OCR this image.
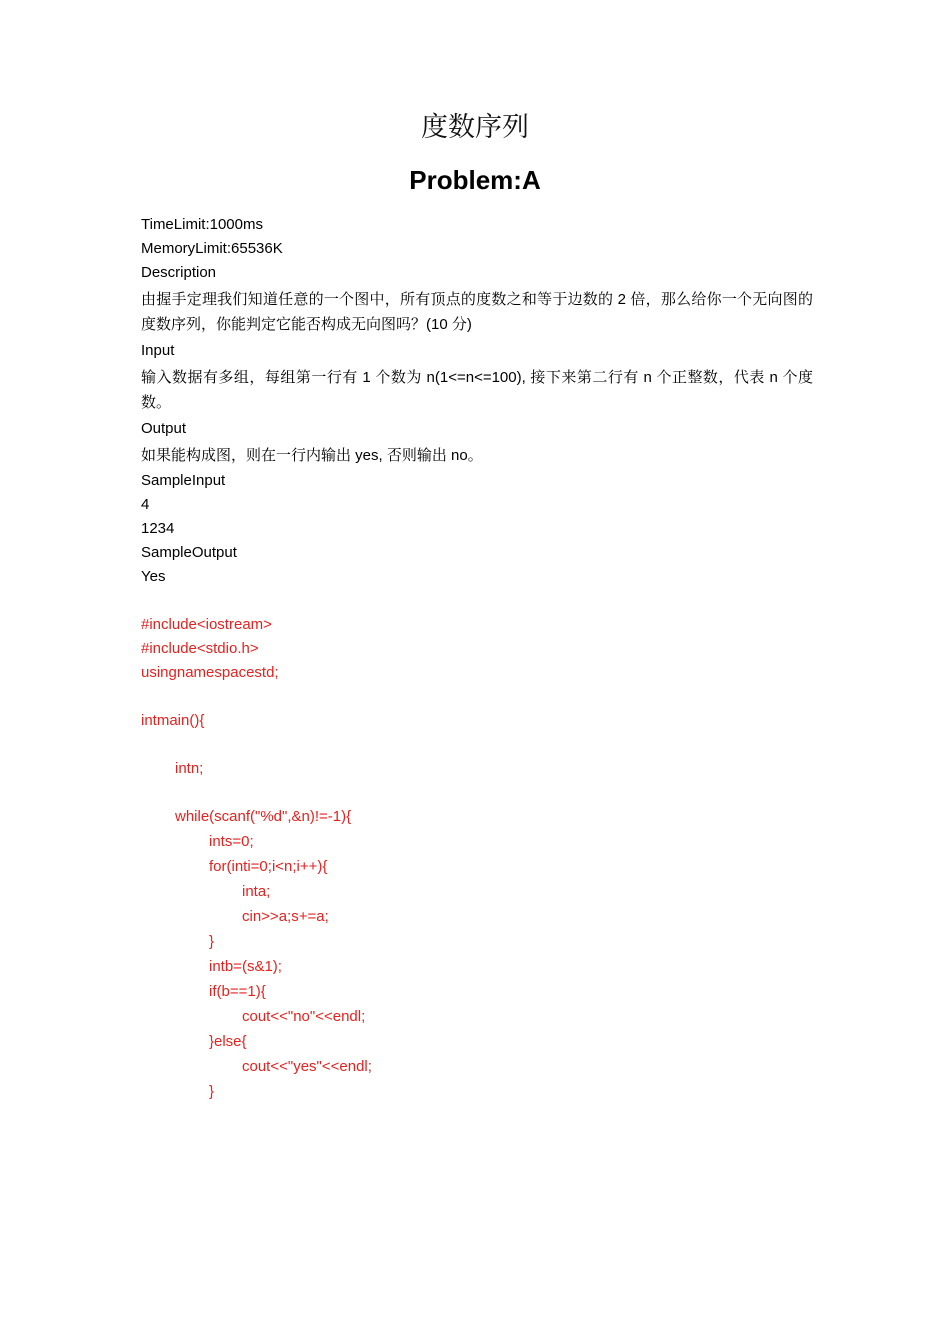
度数序列
Problem:A
TimeLimit:1000ms
MemoryLimit:65536K
Description
由握手定理我们知道任意的一个图中，所有顶点的度数之和等于边数的 2 倍，那么给你一个无向图的度数序列，你能判定它能否构成无向图吗？(10 分)
Input
输入数据有多组，每组第一行有 1 个数为 n(1<=n<=100), 接下来第二行有 n 个正整数，代表 n 个度数。
Output
如果能构成图，则在一行内输出 yes, 否则输出 no。
SampleInput
4
1234
SampleOutput
Yes
#include<iostream>
#include<stdio.h>
usingnamespacestd;
intmain(){
intn;
while(scanf("%d",&n)!=-1){
ints=0;
for(inti=0;i<n;i++){
inta;
cin>>a;s+=a;
}
intb=(s&1);
if(b==1){
cout<<"no"<<endl;
}else{
cout<<"yes"<<endl;
}
